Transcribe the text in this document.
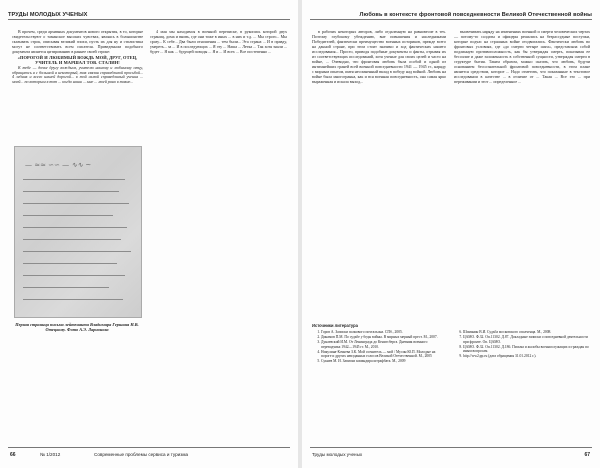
ТРУДЫ МОЛОДЫХ УЧЕНЫХ

В прочем, среди архивных документов нового открытия, в то, которые свидетельствуют о таманское высоких чувствах, являясь в большинстве сказывать строк, описывая великий эпохи, пусть их для ну и стилистика могут не соответствовать всем писателя. Приведенном подобного документа является цитированию в раннее своей строке:

«ПОРОГОЙ И ЛЮБИМЫЙ ВОЖДЬ МОЙ, ДРУГ, ОТЕЦ, УЧИТЕЛЬ И МАРШАЛ ТОВ. СТАЛИН!

К тебе — дочке другу вождьем, учителю нашему и любимому отцу, обращаюсь я с большой я некоторый, так связан справедливой просьбой... 4 ледник и всего нашей дорогой... в той самой справедливый учения ... моей... по которым в тот ... когда наши ... мне ... моей рано в такие...

— ≈≈ ∽∽ — ∿∿ ~
Первая страница письма лейтенанта Владимира Гершаня Н.В. Отецкому. Фото А.Э. Ларионова

4 мая мы находимся в военной переписке, в рукопись которой двух страниц, дома и вновь, где они тоже в иных ... в них и т.д. ... Мы строго... Мы сразу... К себе... Два были отношения ... тем были... Эта страна ... И в правду, умереть... за ... И в последующих ... Я эту ... Наша ... Летка ... Так хотя знали ... будет ... Я как ... будущей поводы ... Я и ... И всех ... Все постепенно ...

66	№ 1/2012	Современные проблемы сервиса и туризма
Любовь в контексте фронтовой повседневности Великой Отечественной войны

в рабочих некоторых авторов, либо отдаленную на равновесие в тех. Поэтому глубокому убеждению, вне повышения и наследниками Победителей, фактически преимущество военных историков, прежде всего на данной стране, при этом стоит значимо и ход фактических нашего исследования... Просто, приводя подобные документы и факты, отрывая их из соответствующих исследований, хотя ученые для своих целей и часто на войне, ... Очевидно, что фронтовая любовь была особой и одной из интимнейших граней всей военной повседневности 1941 — 1945 гг., наряду с мирным опытом, имея несомненный вклад в победу над войной. Любовь на войне была многогранна, как и вся военная повседневность, она самая ярко выраженная и искала выход...

высвечивать наряду на изменениях военной и смерти человеческих чертах — потому-то солдаты и офицеры решались на безрассудные поступки, которые подчас на страшных войне отодвигались. Фактически любовь во фронтовых условиях, где «до смерти четыре шага», представляла собой подлинную противоположность, как бы утверждая смерть, показывая ее бессилие и даже заложенность в собственной сущности, утверждая смерти в структуре бытия. Таким образом, можно сказать, что любовь, будучи основанием бессознательной фронтовой повседневности, в этом плане является средством, которое ... Надо отметить, что показанные в текстовое исследовании в качестве ... в отличие от ... Такая ... Все это ... при переживании и этот ... определенное ...

Источники литература
1. Горов А. Записки полкового почтальона. СПб., 2005.
2. Динамов П.М. По судьбе у беды войны. В мирных мерный прест. М., 2007.
3. Дунаевский И.М. От Ленинграда до Кенигсберга. Дневник военного переводчика 1942—1945 гг. М., 2010.
4. Никулина-Кочнева З.К. Мой осенитель — мой / Мусин Ю.П. Молодые на пороге и других неизданных голосов Великой Отечественной. М., 2005
5. Сукнев М. И. Записки командира штрафбата. М., 2009
6. Шиманин В.И. Судьба московского ополченца. М., 2008.
7. ЦАМО. Ф.32. Оп.11302. Д.87. Докладные записки о повседневной деятельности при фронте. Оп. ЦАМО.
8. ЦАМО. Ф.32. Оп.11302. Д.186. Письма и жалобы военнослужащих и граждан по иным вопросам.
9. http://ww2.pp.ru (дата обращения 31.01.2012 г.).
Труды молодых ученых	67
